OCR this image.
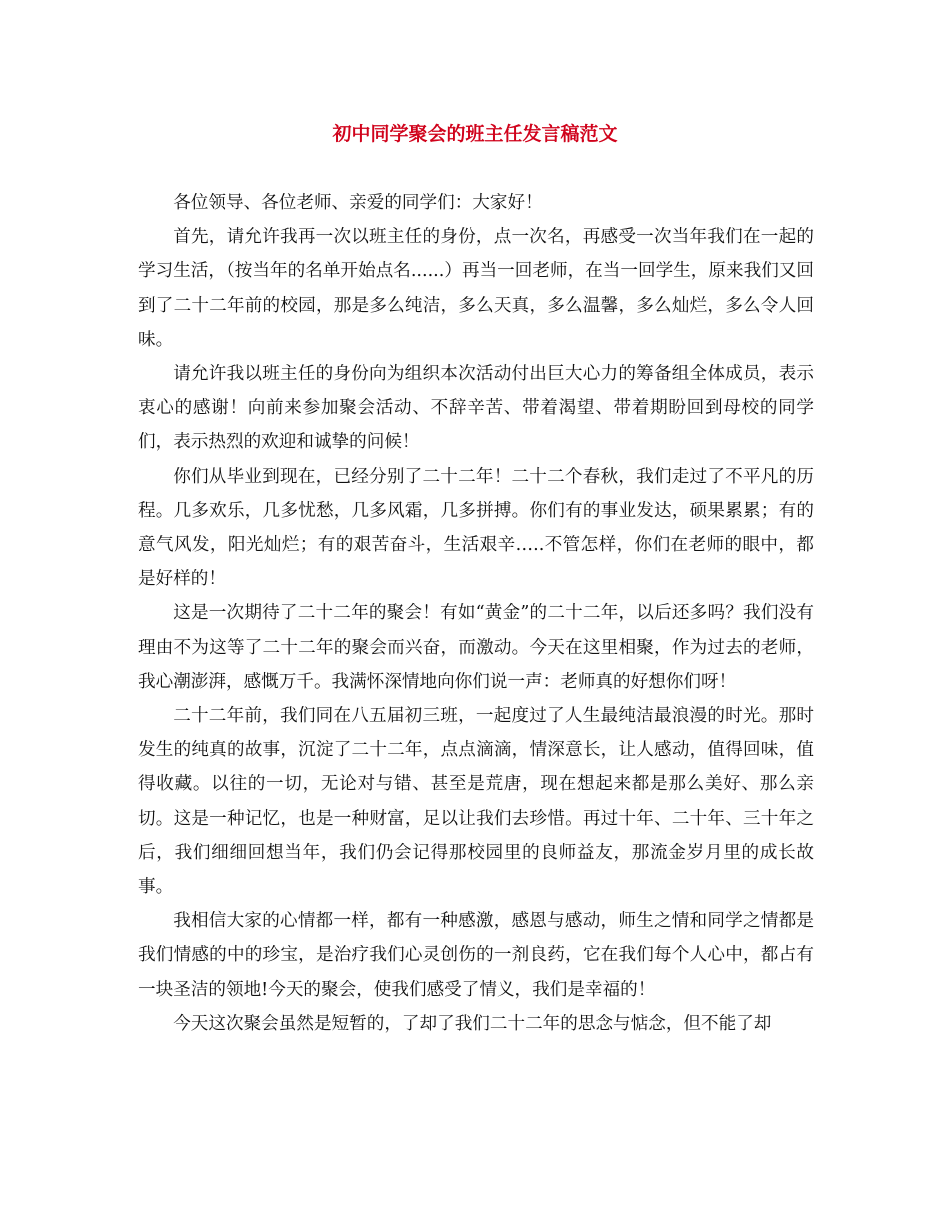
初中同学聚会的班主任发言稿范文

各位领导、各位老师、亲爱的同学们：大家好！

首先，请允许我再一次以班主任的身份，点一次名，再感受一次当年我们在一起的学习生活，（按当年的名单开始点名......）再当一回老师，在当一回学生，原来我们又回到了二十二年前的校园，那是多么纯洁，多么天真，多么温馨，多么灿烂，多么令人回味。

请允许我以班主任的身份向为组织本次活动付出巨大心力的筹备组全体成员，表示衷心的感谢！向前来参加聚会活动、不辞辛苦、带着渴望、带着期盼回到母校的同学们，表示热烈的欢迎和诚挚的问候！

你们从毕业到现在，已经分别了二十二年！二十二个春秋，我们走过了不平凡的历程。几多欢乐，几多忧愁，几多风霜，几多拼搏。你们有的事业发达，硕果累累；有的意气风发，阳光灿烂；有的艰苦奋斗，生活艰辛…..不管怎样，你们在老师的眼中，都是好样的！

这是一次期待了二十二年的聚会！有如“黄金”的二十二年，以后还多吗？我们没有理由不为这等了二十二年的聚会而兴奋，而激动。今天在这里相聚，作为过去的老师，我心潮澎湃，感慨万千。我满怀深情地向你们说一声：老师真的好想你们呀！

二十二年前，我们同在八五届初三班，一起度过了人生最纯洁最浪漫的时光。那时发生的纯真的故事，沉淀了二十二年，点点滴滴，情深意长，让人感动，值得回味，值得收藏。以往的一切，无论对与错、甚至是荒唐，现在想起来都是那么美好、那么亲切。这是一种记忆，也是一种财富，足以让我们去珍惜。再过十年、二十年、三十年之后，我们细细回想当年，我们仍会记得那校园里的良师益友，那流金岁月里的成长故事。

我相信大家的心情都一样，都有一种感激，感恩与感动，师生之情和同学之情都是我们情感的中的珍宝，是治疗我们心灵创伤的一剂良药，它在我们每个人心中，都占有一块圣洁的领地!今天的聚会，使我们感受了情义，我们是幸福的！

今天这次聚会虽然是短暂的，了却了我们二十二年的思念与惦念，但不能了却
